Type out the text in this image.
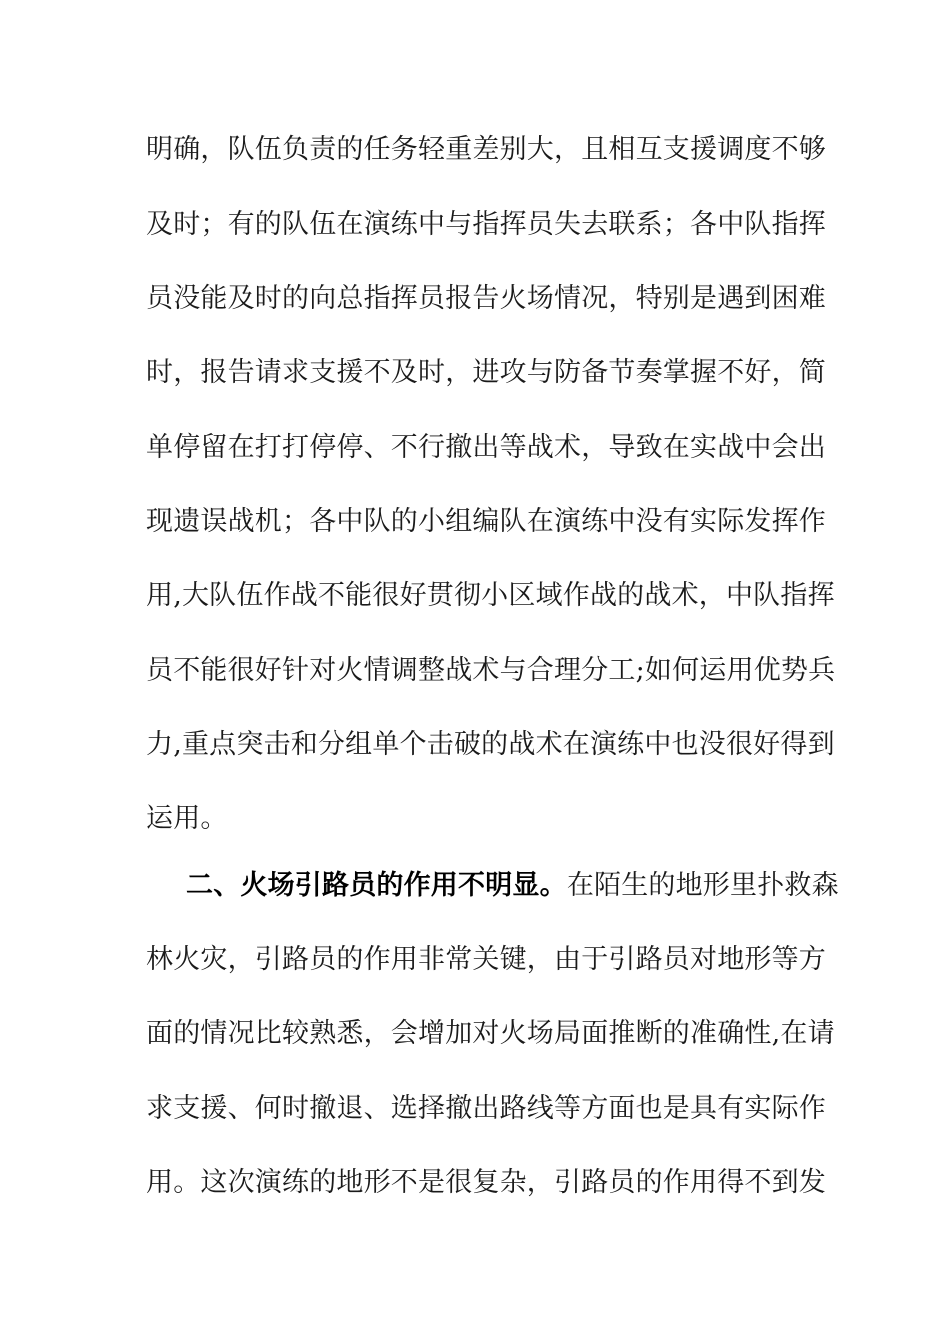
明确，队伍负责的任务轻重差别大，且相互支援调度不够
及时；有的队伍在演练中与指挥员失去联系；各中队指挥
员没能及时的向总指挥员报告火场情况，特别是遇到困难
时，报告请求支援不及时，进攻与防备节奏掌握不好，简
单停留在打打停停、不行撤出等战术，导致在实战中会出
现遗误战机；各中队的小组编队在演练中没有实际发挥作
用,大队伍作战不能很好贯彻小区域作战的战术，中队指挥
员不能很好针对火情调整战术与合理分工;如何运用优势兵
力,重点突击和分组单个击破的战术在演练中也没很好得到
运用。
二、火场引路员的作用不明显。在陌生的地形里扑救森
林火灾，引路员的作用非常关键，由于引路员对地形等方
面的情况比较熟悉，会增加对火场局面推断的准确性,在请
求支援、何时撤退、选择撤出路线等方面也是具有实际作
用。这次演练的地形不是很复杂，引路员的作用得不到发
